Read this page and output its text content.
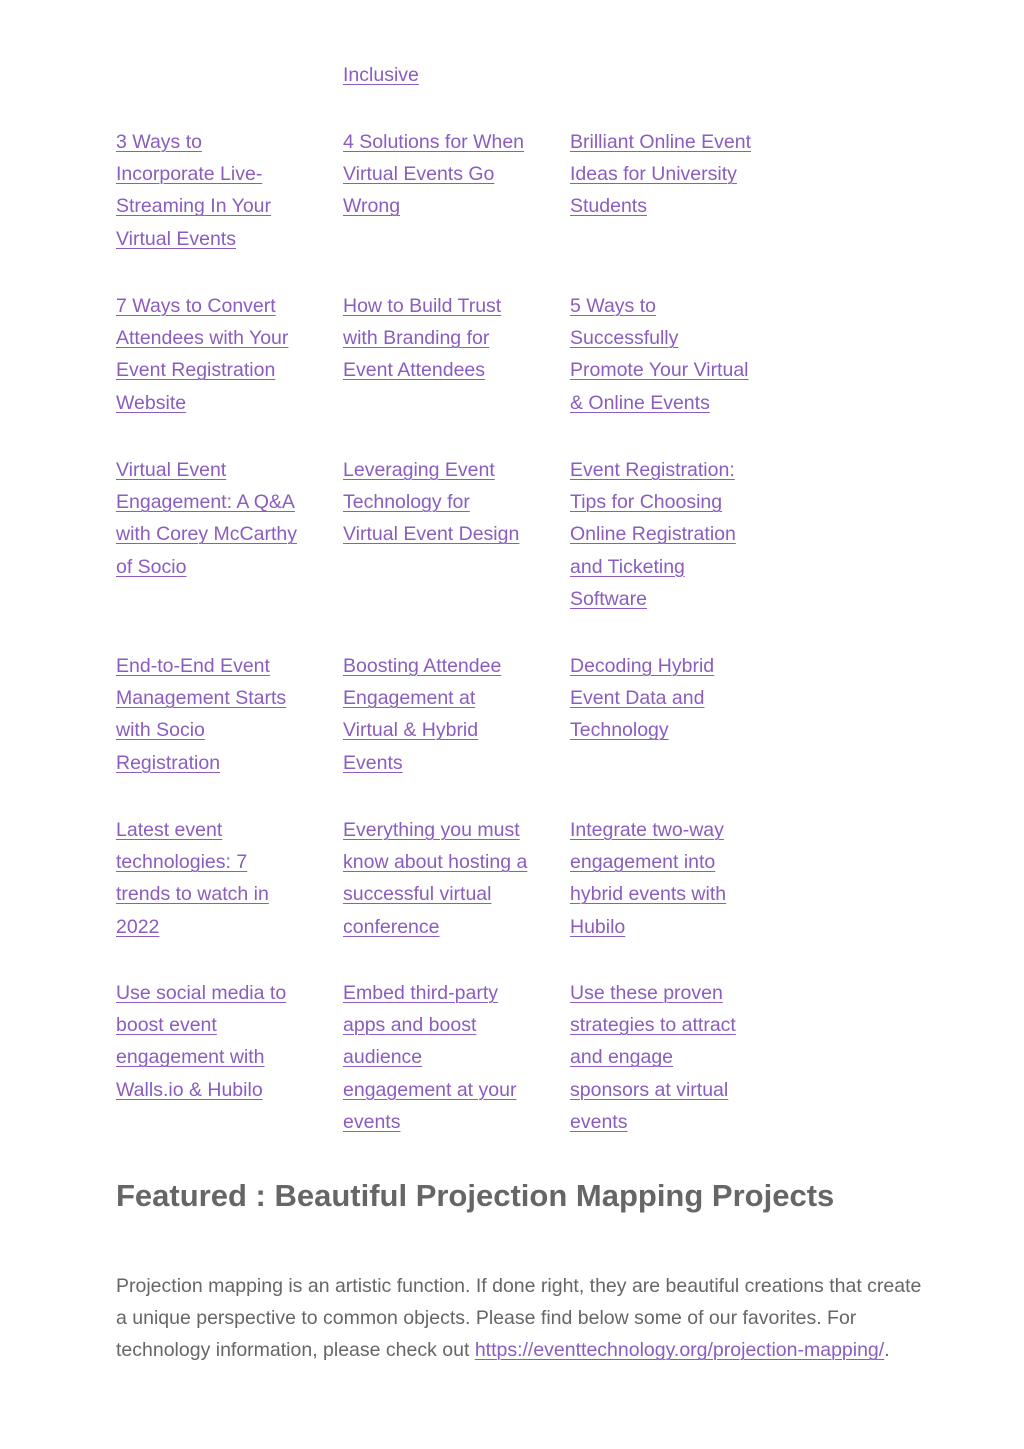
Inclusive
3 Ways to Incorporate Live-Streaming In Your Virtual Events
4 Solutions for When Virtual Events Go Wrong
Brilliant Online Event Ideas for University Students
7 Ways to Convert Attendees with Your Event Registration Website
How to Build Trust with Branding for Event Attendees
5 Ways to Successfully Promote Your Virtual & Online Events
Virtual Event Engagement: A Q&A with Corey McCarthy of Socio
Leveraging Event Technology for Virtual Event Design
Event Registration: Tips for Choosing Online Registration and Ticketing Software
End-to-End Event Management Starts with Socio Registration
Boosting Attendee Engagement at Virtual & Hybrid Events
Decoding Hybrid Event Data and Technology
Latest event technologies: 7 trends to watch in 2022
Everything you must know about hosting a successful virtual conference
Integrate two-way engagement into hybrid events with Hubilo
Use social media to boost event engagement with Walls.io & Hubilo
Embed third-party apps and boost audience engagement at your events
Use these proven strategies to attract and engage sponsors at virtual events
Featured : Beautiful Projection Mapping Projects

Projection mapping is an artistic function. If done right, they are beautiful creations that create a unique perspective to common objects. Please find below some of our favorites. For technology information, please check out https://eventtechnology.org/projection-mapping/.
